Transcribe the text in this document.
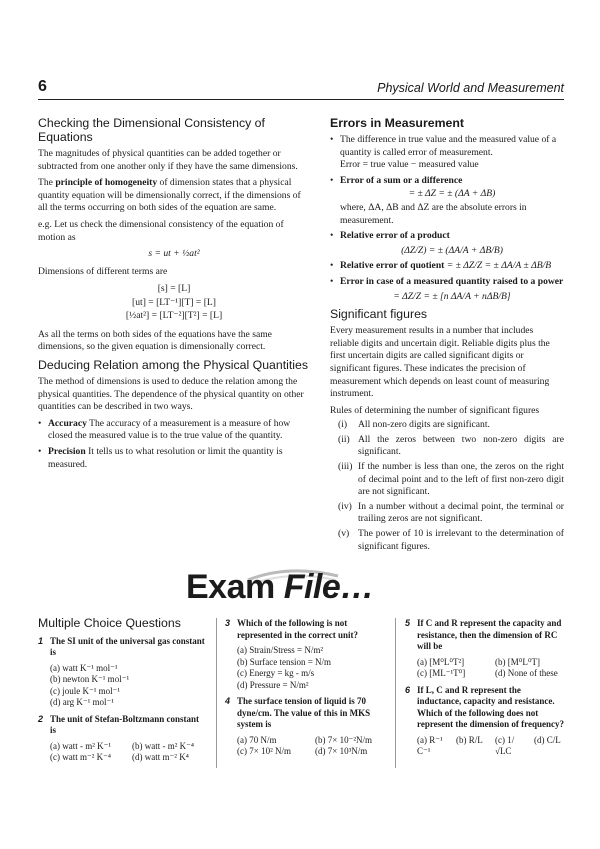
6	Physical World and Measurement
Checking the Dimensional Consistency of Equations

The magnitudes of physical quantities can be added together or subtracted from one another only if they have the same dimensions.

The principle of homogeneity of dimension states that a physical quantity equation will be dimensionally correct, if the dimensions of all the terms occurring on both sides of the equation are same.

e.g. Let us check the dimensional consistency of the equation of motion as

s = ut + ½at²

Dimensions of different terms are

[s] = [L]
[ut] = [LT⁻¹][T] = [L]
[½at²] = [LT⁻²][T²] = [L]

As all the terms on both sides of the equations have the same dimensions, so the given equation is dimensionally correct.

Deducing Relation among the Physical Quantities

The method of dimensions is used to deduce the relation among the physical quantities. The dependence of the physical quantity on other quantities can be described in two ways.

• Accuracy The accuracy of a measurement is a measure of how closed the measured value is to the true value of the quantity.
• Precision It tells us to what resolution or limit the quantity is measured.
Errors in Measurement
• The difference in true value and the measured value of a quantity is called error of measurement.
Error = true value − measured value
• Error of a sum or a difference

= ± ΔZ = ± (ΔA + ΔB)
where, ΔA, ΔB and ΔZ are the absolute errors in measurement.
• Relative error of a product
(ΔZ/Z) = ± (ΔA/A + ΔB/B)
• Relative error of quotient = ± ΔZ/Z = ± ΔA/A ± ΔB/B
• Error in case of a measured quantity raised to a power
= ΔZ/Z = ± [n ΔA/A + nΔB/B]
Significant figures

Every measurement results in a number that includes reliable digits and uncertain digit. Reliable digits plus the first uncertain digits are called significant digits or significant figures. These indicates the precision of measurement which depends on least count of measuring instrument.

Rules of determining the number of significant figures

(i)	All non-zero digits are significant.
(ii) All the zeros between two non-zero digits are significant.
(iii) If the number is less than one, the zeros on the right of decimal point and to the left of first non-zero digit are not significant.
(iv) In a number without a decimal point, the terminal or trailing zeros are not significant.
(v) The power of 10 is irrelevant to the determination of significant figures.
Exam File…
Multiple Choice Questions
1 The SI unit of the universal gas constant is
(a) watt K⁻¹ mol⁻¹
(b) newton K⁻¹ mol⁻¹
(c) joule K⁻¹ mol⁻¹
(d) arg K⁻¹ mol⁻¹
2 The unit of Stefan-Boltzmann constant is
(a) watt - m² K⁻¹	(b) watt - m² K⁻⁴
(c) watt m⁻² K⁻⁴	(d) watt m⁻² K⁴
3 Which of the following is not represented in the correct unit?
(a) Strain/Stress = N/m²
(b) Surface tension = N/m
(c) Energy = kg - m/s
(d) Pressure = N/m²
4 The surface tension of liquid is 70 dyne/cm. The value of this in MKS system is
(a) 70 N/m	(b) 7× 10⁻²N/m
(c) 7× 10² N/m	(d) 7× 10³N/m
5 If C and R represent the capacity and resistance, then the dimension of RC will be
(a) [M⁰L⁰T²]	(b) [M⁰L⁰T]
(c) [ML⁻¹T⁰]	(d) None of these
6 If L, C and R represent the inductance, capacity and resistance. Which of the following does not represent the dimension of frequency?
(a) R⁻¹ C⁻¹
(b) R/L	(c) 1/√LC
(d) C/L
